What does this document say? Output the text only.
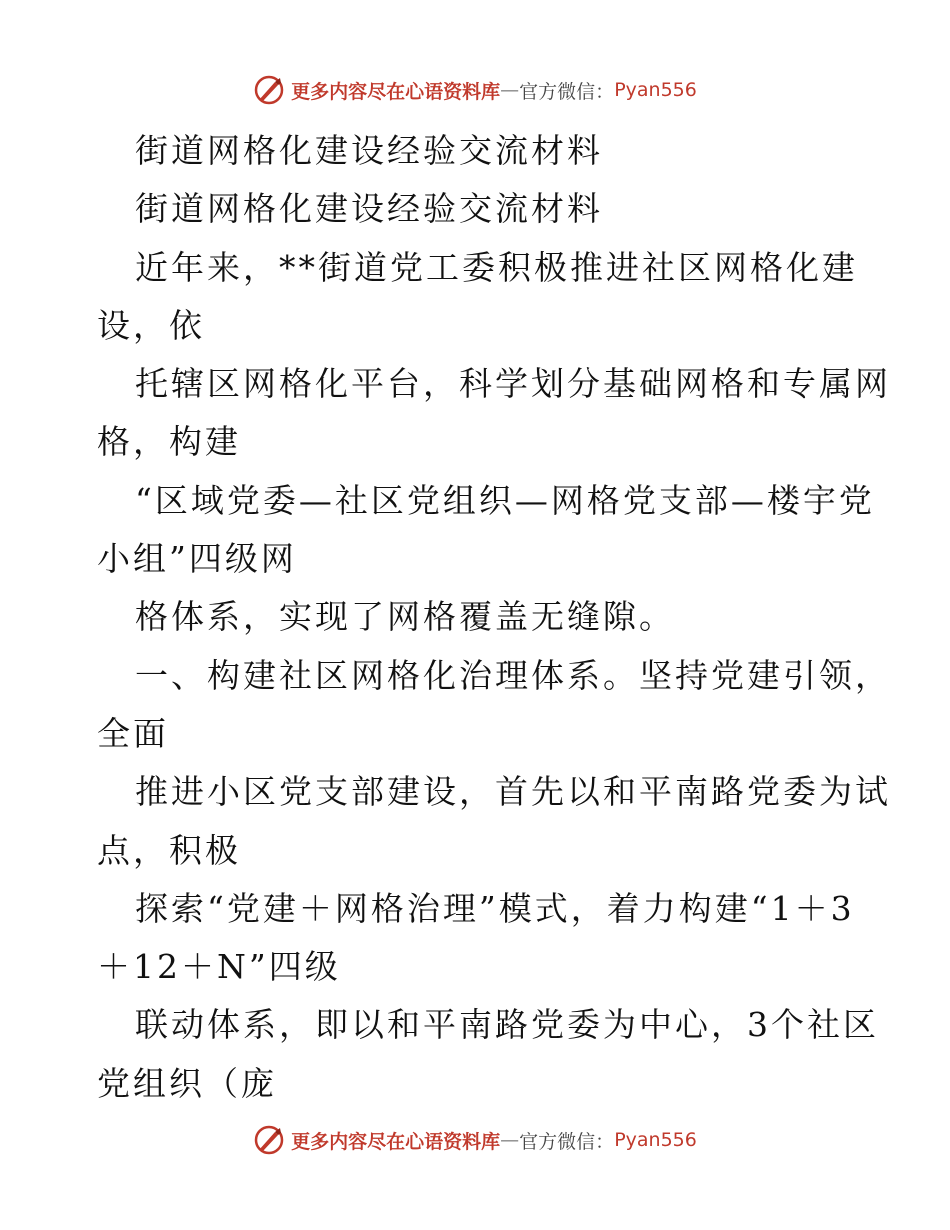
更多内容尽在心语资料库 — 官方微信： Pyan556
街道网格化建设经验交流材料
街道网格化建设经验交流材料
近年来，**街道党工委积极推进社区网格化建
设，依
托辖区网格化平台，科学划分基础网格和专属网
格，构建
“区域党委—社区党组织—网格党支部—楼宇党
小组”四级网
格体系，实现了网格覆盖无缝隙。
一、构建社区网格化治理体系。坚持党建引领，
全面
推进小区党支部建设，首先以和平南路党委为试
点，积极
探索“党建＋网格治理”模式，着力构建“1＋3
＋12＋N”四级
联动体系，即以和平南路党委为中心，3个社区
党组织（庞
更多内容尽在心语资料库 — 官方微信： Pyan556
